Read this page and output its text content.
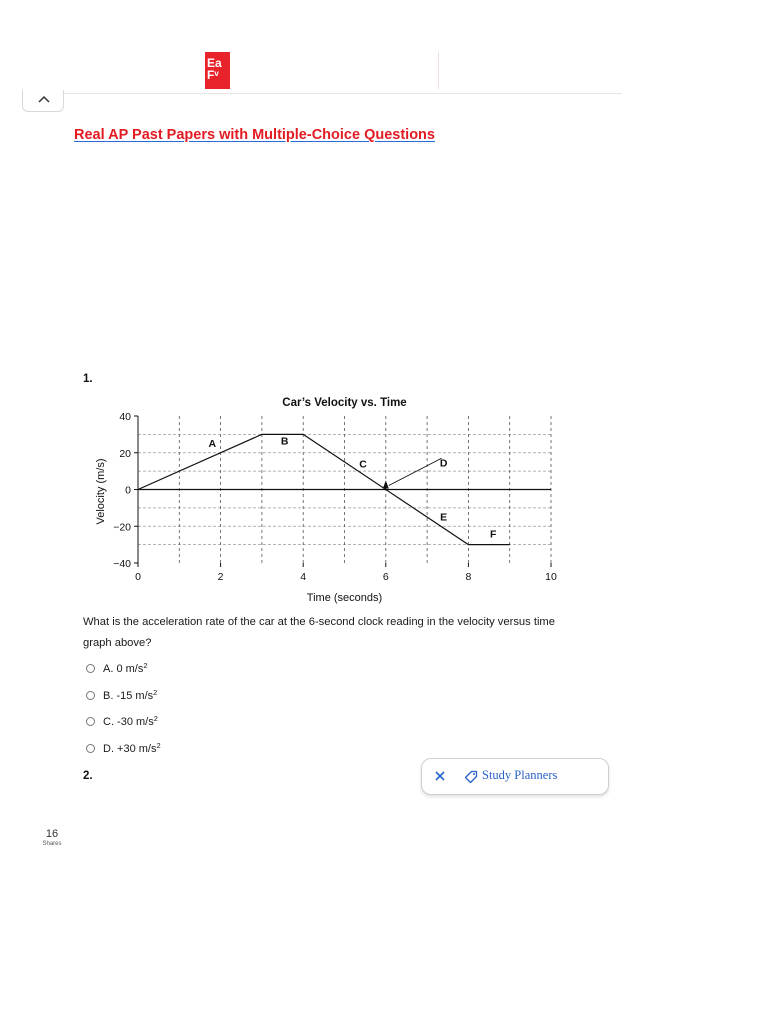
Ea
Fᵛ
Real AP Past Papers with Multiple-Choice Questions
1.
Car’s Velocity vs. Time
40
20
0
−20
−40
0	2	4	6	8	10
Time (seconds)
Velocity (m/s)
A	B
C	D
E
F
What is the acceleration rate of the car at the 6-second clock reading in the velocity versus time graph above?
A. 0 $m/s^2$
B. -15 $m/s^2$
C. -30 $m/s^2$
D. +30 $m/s^2$
2.	Study Planners
16
Shares
